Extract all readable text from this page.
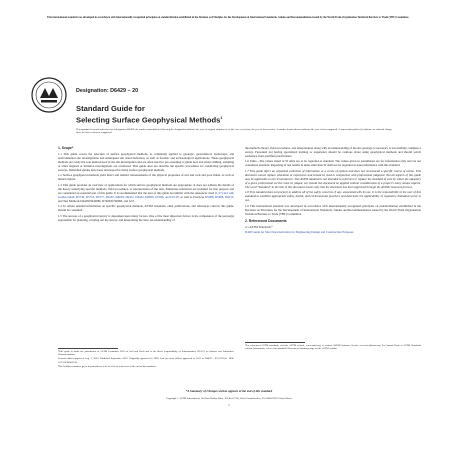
This international standard was developed in accordance with internationally recognized principles on standardization established in the Decision on Principles for the Development of International Standards, Guides and Recommendations issued by the World Trade Organization Technical Barriers to Trade (TBT) Committee.
Designation: D6429 − 20
Standard Guide for
Selecting Surface Geophysical Methods$^1$
This standard is issued under the fixed designation D6429; the number immediately following the designation indicates the year of original adoption or, in the case of revision, the year of last revision. A number in parentheses indicates the year of last reapproval. A superscript epsilon (ε) indicates an editorial change since the last revision or reapproval.
1. Scope*

1.1 This guide covers the selection of surface geophysical methods, as commonly applied to geologic, geotechnical, hydrologic, and environmental site investigations and subsequent site characterization, as well as forensic and archaeological applications. These geophysical methods are rarely the sole method used in the site investigation and are often used for pre-screening to guide how and where drilling, sampling or other targeted or intrusive investigations are conducted. This guide does not describe the specific procedures for conducting geophysical surveys. Individual guides have been developed for many surface geophysical methods.

1.2 Surface geophysical methods yield direct and indirect measurements of the physical properties of soil and rock and pore fluids, as well as buried objects.

1.3 This guide provides an overview of applications for which surface geophysical methods are appropriate. It does not address the details of the theory underlying specific methods, field procedures, or interpretation of the data. Numerous references are included for that purpose and are considered an essential part of this guide. It is recommended that the user of this guide be familiar with the references cited (1-27) and with Guides D420, D5730, D5753, D5777, D6167, D6639, D6431, D6432, D6820, D7046, and D7128, as well as Practices D5088, D5608, D6235, and Test Methods D4428/D4428M, D7400/D7400M, and G57.

1.4 To obtain detailed information on specific geophysical methods, ASTM standards, other publications, and references cited in this guide, should be consulted.

1.5 The success of a geophysical survey is dependent upon many factors. One of the most important factors is the competence of the person(s) responsible for planning, carrying out the survey, and interpreting the data. An understanding of

¹This guide is under the jurisdiction of ASTM Committee D18 on Soil and Rock and is the direct responsibility of Subcommittee D18.01 on Surface and Subsurface Characterization.

Current edition approved Aug. 1, 2020. Published September 2020. Originally approved in 1999. Last previous edition approved in 2011 as D6429 – 99 (2011)ε1. DOI: 10.1520/D6429-20.

²The boldface numbers given in parentheses refer to a list of references at the end of this standard.

the method's theory, field procedures, and interpretation along with an understanding of the site geology, is necessary to successfully complete a survey. Personnel not having specialized training or experience should be cautious about using geophysical methods and should solicit assistance from qualified practitioners.

1.6 Units—The values stated in SI units are to be regarded as standard. The values given in parentheses are for information only and are not considered standard. Reporting of test results in units other than SI shall not be regarded as nonconformance with this standard.

1.7 This guide offers an organized collection of information or a series of options and does not recommend a specific course of action. This document cannot replace education or experience and should be used in conjunction with professional judgment. Not all aspects of this guide may be applicable in all circumstances. This ASTM standard is not intended to represent or replace the standard of care by which the adequacy of a given professional service must be judged, nor should this document be applied without consideration of a project's many unique aspects. The word "Standard" in the title of this document means only that the document has been approved through the ASTM consensus process.

1.8 This standard does not purport to address all of the safety concerns, if any, associated with its use. It is the responsibility of the user of this standard to establish appropriate safety, health, and environmental practices and determine the applicability of regulatory limitations prior to use.

1.9 This international standard was developed in accordance with internationally recognized principles on standardization established in the Decision on Principles for the Development of International Standards, Guides and Recommendations issued by the World Trade Organization Technical Barriers to Trade (TBT) Committee.

2. Referenced Documents

2.1 ASTM Standards:³

D420 Guide for Site Characterization for Engineering Design and Construction Purposes

³For referenced ASTM standards, visit the ASTM website, www.astm.org, or contact ASTM Customer Service at service@astm.org. For Annual Book of ASTM Standards volume information, refer to the standard's Document Summary page on the ASTM website.

*A Summary of Changes section appears at the end of this standard
Copyright © ASTM International, 100 Barr Harbor Drive, PO Box C700, West Conshohocken, PA 19428-2959. United States
1
